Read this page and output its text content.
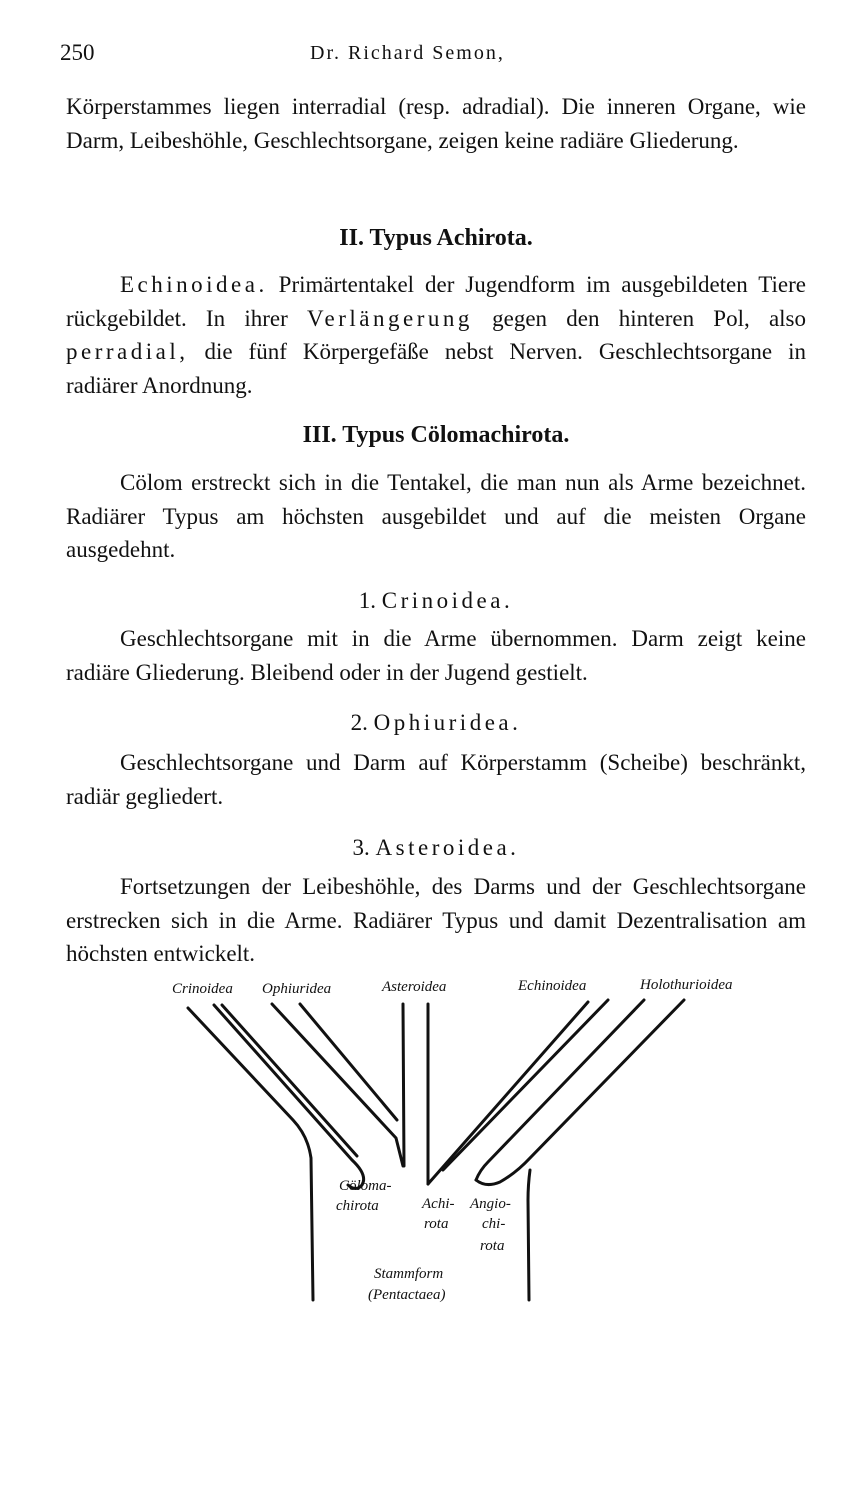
250	Dr. Richard Semon,

Körperstammes liegen interradial (resp. adradial). Die inneren Organe, wie Darm, Leibeshöhle, Geschlechtsorgane, zeigen keine radiäre Gliederung.

II. Typus Achirota.

Echinoidea. Primärtentakel der Jugendform im ausgebildeten Tiere rückgebildet. In ihrer Verlängerung gegen den hinteren Pol, also perradial, die fünf Körpergefäße nebst Nerven. Geschlechtsorgane in radiärer Anordnung.

III. Typus Cölomachirota.

Cölom erstreckt sich in die Tentakel, die man nun als Arme bezeichnet. Radiärer Typus am höchsten ausgebildet und auf die meisten Organe ausgedehnt.

1. Crinoidea.

Geschlechtsorgane mit in die Arme übernommen. Darm zeigt keine radiäre Gliederung. Bleibend oder in der Jugend gestielt.

2. Ophiuridea.

Geschlechtsorgane und Darm auf Körperstamm (Scheibe) beschränkt, radiär gegliedert.

3. Asteroidea.

Fortsetzungen der Leibeshöhle, des Darms und der Geschlechtsorgane erstrecken sich in die Arme. Radiärer Typus und damit Dezentralisation am höchsten entwickelt.

Crinoidea Ophiuridea	Asteroidea	Echinoidea	Holothurioidea
Cöloma-
chirota	Achi-
rota
Angio-
chi-
rota
Stammform
(Pentactaea)
